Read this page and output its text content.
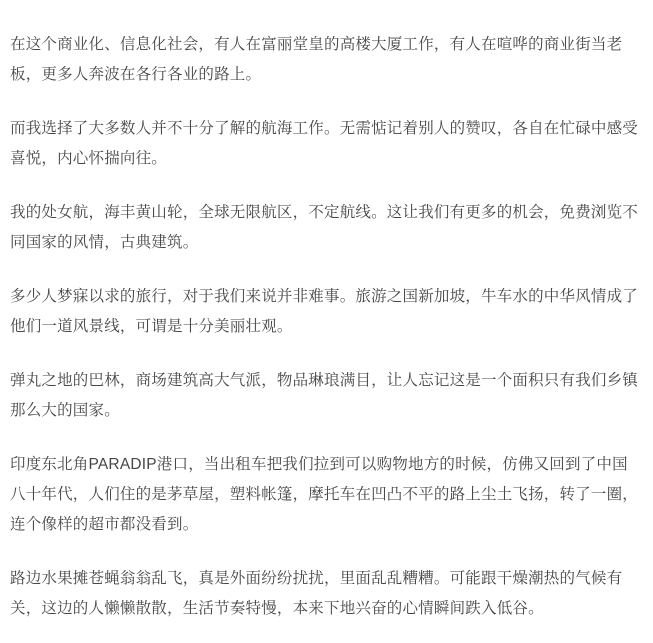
在这个商业化、信息化社会，有人在富丽堂皇的高楼大厦工作，有人在喧哗的商业街当老板，更多人奔波在各行各业的路上。

而我选择了大多数人并不十分了解的航海工作。无需惦记着别人的赞叹，各自在忙碌中感受喜悦，内心怀揣向往。

我的处女航，海丰黄山轮，全球无限航区，不定航线。这让我们有更多的机会，免费浏览不同国家的风情，古典建筑。

多少人梦寐以求的旅行，对于我们来说并非难事。旅游之国新加坡，牛车水的中华风情成了他们一道风景线，可谓是十分美丽壮观。

弹丸之地的巴林，商场建筑高大气派，物品琳琅满目，让人忘记这是一个面积只有我们乡镇那么大的国家。

印度东北角PARADIP港口，当出租车把我们拉到可以购物地方的时候，仿佛又回到了中国八十年代，人们住的是茅草屋，塑料帐篷，摩托车在凹凸不平的路上尘土飞扬，转了一圈，连个像样的超市都没看到。

路边水果摊苍蝇翁翁乱飞，真是外面纷纷扰扰，里面乱乱糟糟。可能跟干燥潮热的气候有关，这边的人懒懒散散，生活节奏特慢，本来下地兴奋的心情瞬间跌入低谷。
